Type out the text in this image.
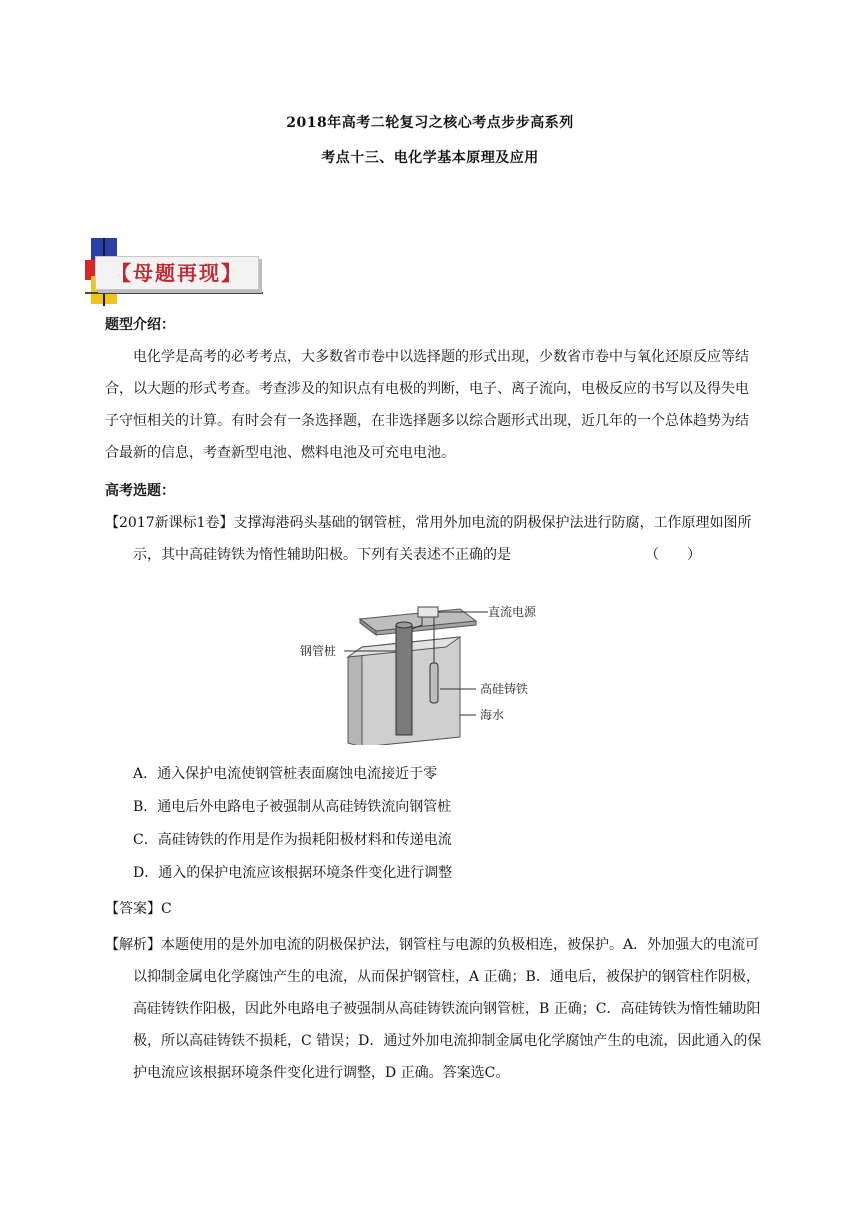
2018年高考二轮复习之核心考点步步高系列
考点十三、电化学基本原理及应用
【母题再现】
题型介绍：
电化学是高考的必考考点，大多数省市卷中以选择题的形式出现，少数省市卷中与氧化还原反应等结
合，以大题的形式考查。考查涉及的知识点有电极的判断，电子、离子流向，电极反应的书写以及得失电
子守恒相关的计算。有时会有一条选择题，在非选择题多以综合题形式出现，近几年的一个总体趋势为结
合最新的信息，考查新型电池、燃料电池及可充电电池。
高考选题：
【2017新课标1卷】支撑海港码头基础的钢管桩，常用外加电流的阴极保护法进行防腐，工作原理如图所
示，其中高硅铸铁为惰性辅助阳极。下列有关表述不正确的是	（　　）
直流电源
钢管桩
高硅铸铁
海水
A．通入保护电流使钢管桩表面腐蚀电流接近于零
B．通电后外电路电子被强制从高硅铸铁流向钢管桩
C．高硅铸铁的作用是作为损耗阳极材料和传递电流
D．通入的保护电流应该根据环境条件变化进行调整
【答案】C
【解析】本题使用的是外加电流的阴极保护法，钢管柱与电源的负极相连，被保护。A．外加强大的电流可
以抑制金属电化学腐蚀产生的电流，从而保护钢管柱，A 正确；B．通电后，被保护的钢管柱作阴极，
高硅铸铁作阳极，因此外电路电子被强制从高硅铸铁流向钢管桩，B 正确；C．高硅铸铁为惰性辅助阳
极，所以高硅铸铁不损耗，C 错误；D．通过外加电流抑制金属电化学腐蚀产生的电流，因此通入的保
护电流应该根据环境条件变化进行调整，D 正确。答案选C。
